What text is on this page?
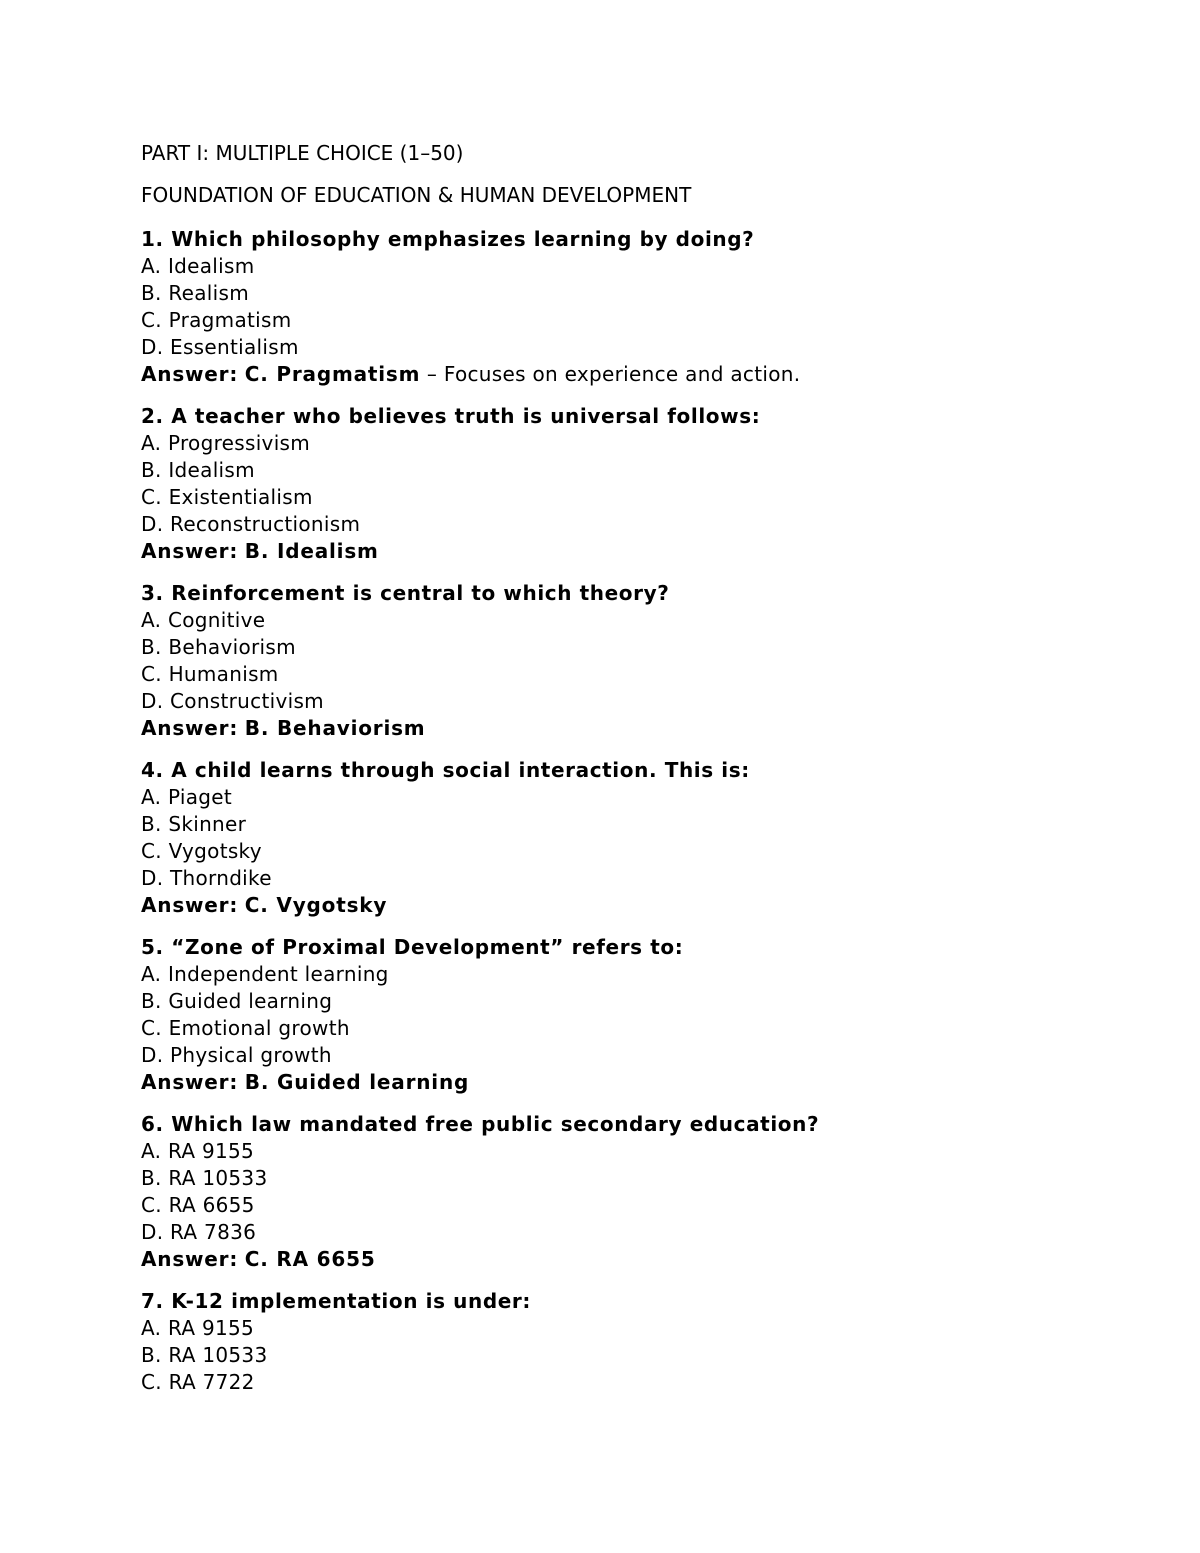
PART I: MULTIPLE CHOICE (1–50)
FOUNDATION OF EDUCATION & HUMAN DEVELOPMENT

1. Which philosophy emphasizes learning by doing?

A. Idealism
B. Realism
C. Pragmatism
D. Essentialism

Answer: C. Pragmatism – Focuses on experience and action.

2. A teacher who believes truth is universal follows:

A. Progressivism
B. Idealism
C. Existentialism
D. Reconstructionism

Answer: B. Idealism

3. Reinforcement is central to which theory?

A. Cognitive
B. Behaviorism
C. Humanism
D. Constructivism

Answer: B. Behaviorism

4. A child learns through social interaction. This is:

A. Piaget
B. Skinner
C. Vygotsky
D. Thorndike

Answer: C. Vygotsky

5. “Zone of Proximal Development” refers to:

A. Independent learning
B. Guided learning
C. Emotional growth
D. Physical growth

Answer: B. Guided learning

6. Which law mandated free public secondary education?

A. RA 9155
B. RA 10533
C. RA 6655
D. RA 7836

Answer: C. RA 6655

7. K-12 implementation is under:

A. RA 9155
B. RA 10533
C. RA 7722
